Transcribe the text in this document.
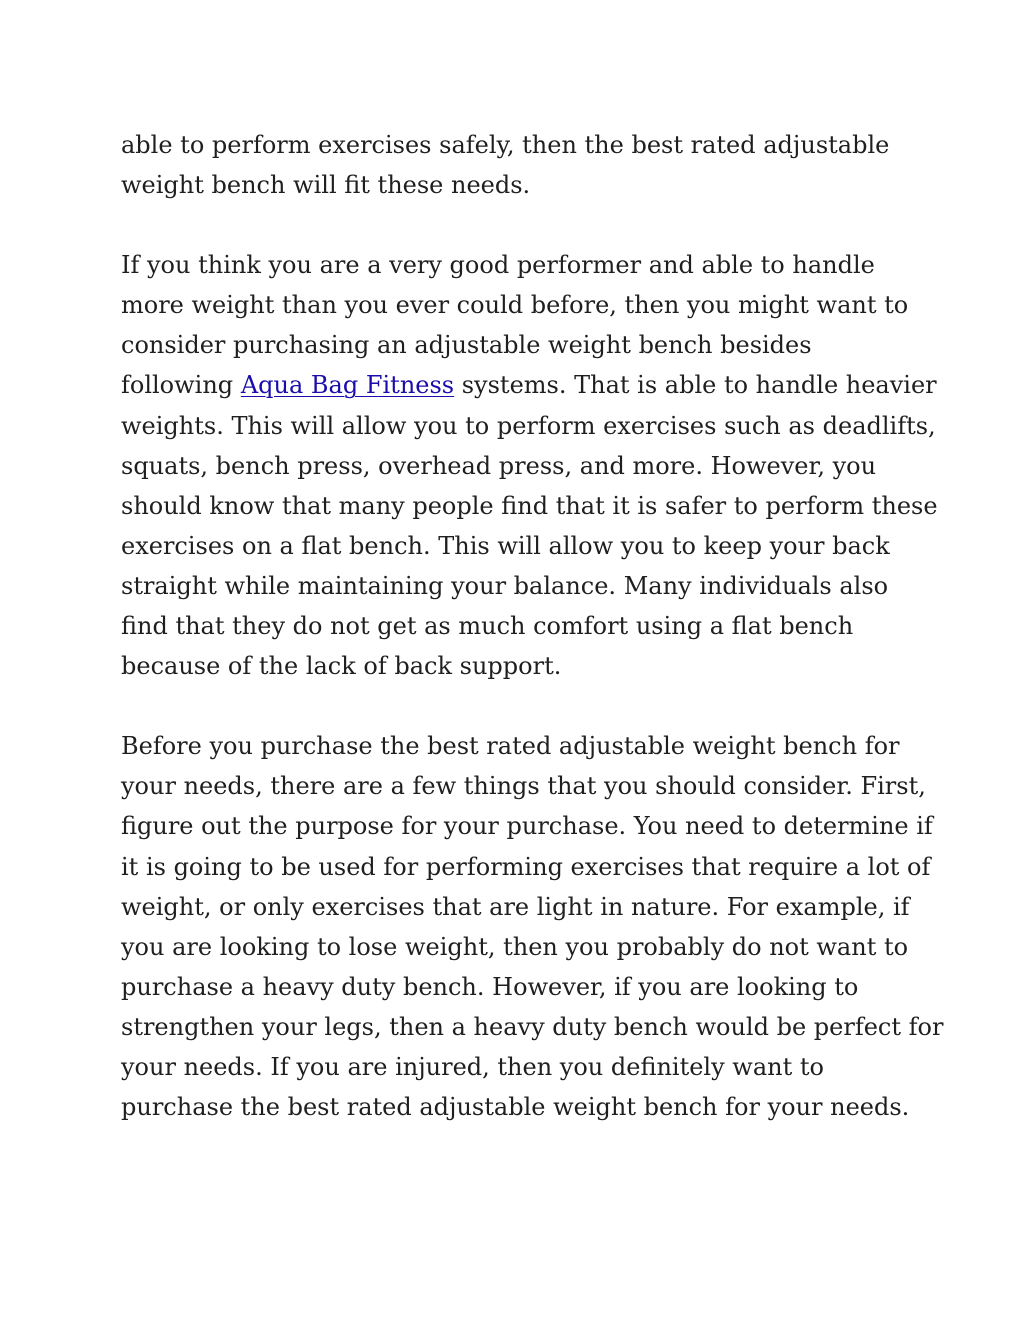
able to perform exercises safely, then the best rated adjustable
weight bench will fit these needs.

If you think you are a very good performer and able to handle
more weight than you ever could before, then you might want to
consider purchasing an adjustable weight bench besides
following Aqua Bag Fitness systems. That is able to handle heavier
weights. This will allow you to perform exercises such as deadlifts,
squats, bench press, overhead press, and more. However, you
should know that many people find that it is safer to perform these
exercises on a flat bench. This will allow you to keep your back
straight while maintaining your balance. Many individuals also
find that they do not get as much comfort using a flat bench
because of the lack of back support.

Before you purchase the best rated adjustable weight bench for
your needs, there are a few things that you should consider. First,
figure out the purpose for your purchase. You need to determine if
it is going to be used for performing exercises that require a lot of
weight, or only exercises that are light in nature. For example, if
you are looking to lose weight, then you probably do not want to
purchase a heavy duty bench. However, if you are looking to
strengthen your legs, then a heavy duty bench would be perfect for
your needs. If you are injured, then you definitely want to
purchase the best rated adjustable weight bench for your needs.
